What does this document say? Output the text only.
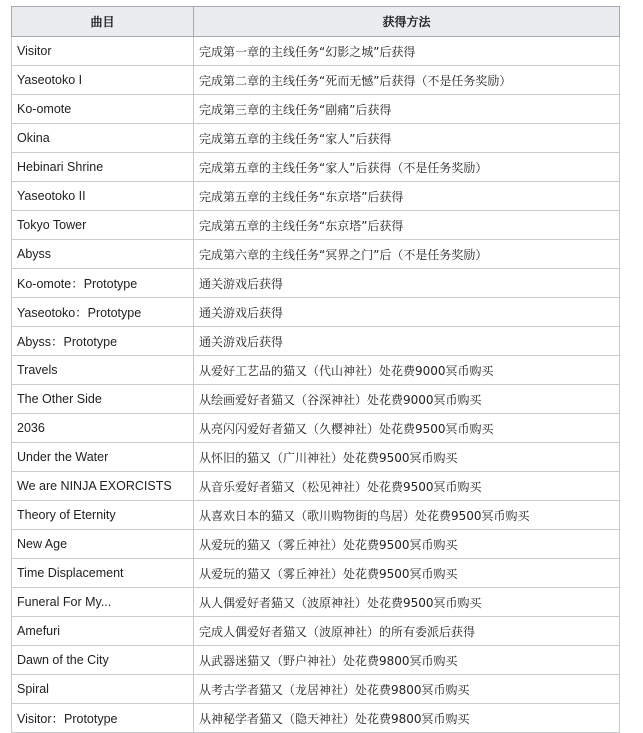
曲目	获得方法
Visitor	完成第一章的主线任务“幻影之城”后获得
Yaseotoko I	完成第二章的主线任务“死而无憾”后获得（不是任务奖励）
Ko-omote	完成第三章的主线任务“剧痛”后获得
Okina	完成第五章的主线任务“家人”后获得
Hebinari Shrine	完成第五章的主线任务“家人”后获得（不是任务奖励）
Yaseotoko II	完成第五章的主线任务“东京塔”后获得
Tokyo Tower	完成第五章的主线任务“东京塔”后获得
Abyss	完成第六章的主线任务“冥界之门”后（不是任务奖励）
Ko-omote：Prototype	通关游戏后获得
Yaseotoko：Prototype	通关游戏后获得
Abyss：Prototype	通关游戏后获得
Travels	从爱好工艺品的猫又（代山神社）处花费9000冥币购买
The Other Side	从绘画爱好者猫又（谷深神社）处花费9000冥币购买
2036	从亮闪闪爱好者猫又（久樱神社）处花费9500冥币购买
Under the Water	从怀旧的猫又（广川神社）处花费9500冥币购买
We are NINJA EXORCISTS	从音乐爱好者猫又（松见神社）处花费9500冥币购买
Theory of Eternity	从喜欢日本的猫又（歌川购物街的鸟居）处花费9500冥币购买
New Age	从爱玩的猫又（雾丘神社）处花费9500冥币购买
Time Displacement	从爱玩的猫又（雾丘神社）处花费9500冥币购买
Funeral For My...	从人偶爱好者猫又（波原神社）处花费9500冥币购买
Amefuri	完成人偶爱好者猫又（波原神社）的所有委派后获得
Dawn of the City	从武器迷猫又（野户神社）处花费9800冥币购买
Spiral	从考古学者猫又（龙居神社）处花费9800冥币购买
Visitor：Prototype	从神秘学者猫又（隐天神社）处花费9800冥币购买
